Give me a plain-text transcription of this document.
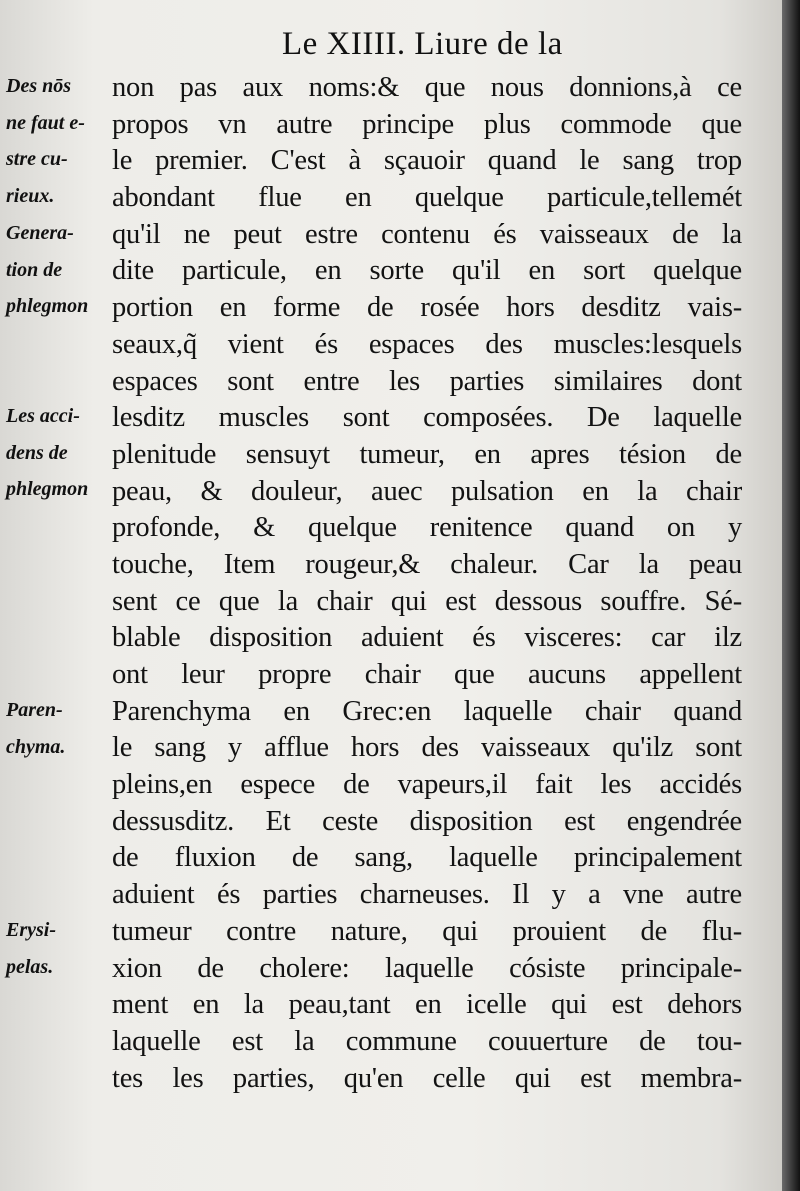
Le XIIII. Liure de la
Des nōs
ne faut e-
stre cu-
rieux.
Genera-
tion de
phlegmon
Les acci-
dens de
phlegmon
Paren-
chyma.
Erysi-
pelas.
non pas aux noms:& que nous donnions,à ce
propos vn autre principe plus commode que
le premier. C'est à sçauoir quand le sang trop
abondant flue en quelque particule,tellemét
qu'il ne peut estre contenu és vaisseaux de la
dite particule, en sorte qu'il en sort quelque
portion en forme de rosée hors desditz vais-
seaux,q̃ vient és espaces des muscles:lesquels
espaces sont entre les parties similaires dont
lesditz muscles sont composées. De laquelle
plenitude sensuyt tumeur, en apres tésion de
peau, & douleur, auec pulsation en la chair
profonde, & quelque renitence quand on y
touche, Item rougeur,& chaleur. Car la peau
sent ce que la chair qui est dessous souffre. Sé-
blable disposition aduient és visceres: car ilz
ont leur propre chair que aucuns appellent
Parenchyma en Grec:en laquelle chair quand
le sang y afflue hors des vaisseaux qu'ilz sont
pleins,en espece de vapeurs,il fait les accidés
dessusditz. Et ceste disposition est engendrée
de fluxion de sang, laquelle principalement
aduient és parties charneuses. Il y a vne autre
tumeur contre nature, qui prouient de flu-
xion de cholere: laquelle cósiste principale-
ment en la peau,tant en icelle qui est dehors
laquelle est la commune couuerture de tou-
tes les parties, qu'en celle qui est membra-
